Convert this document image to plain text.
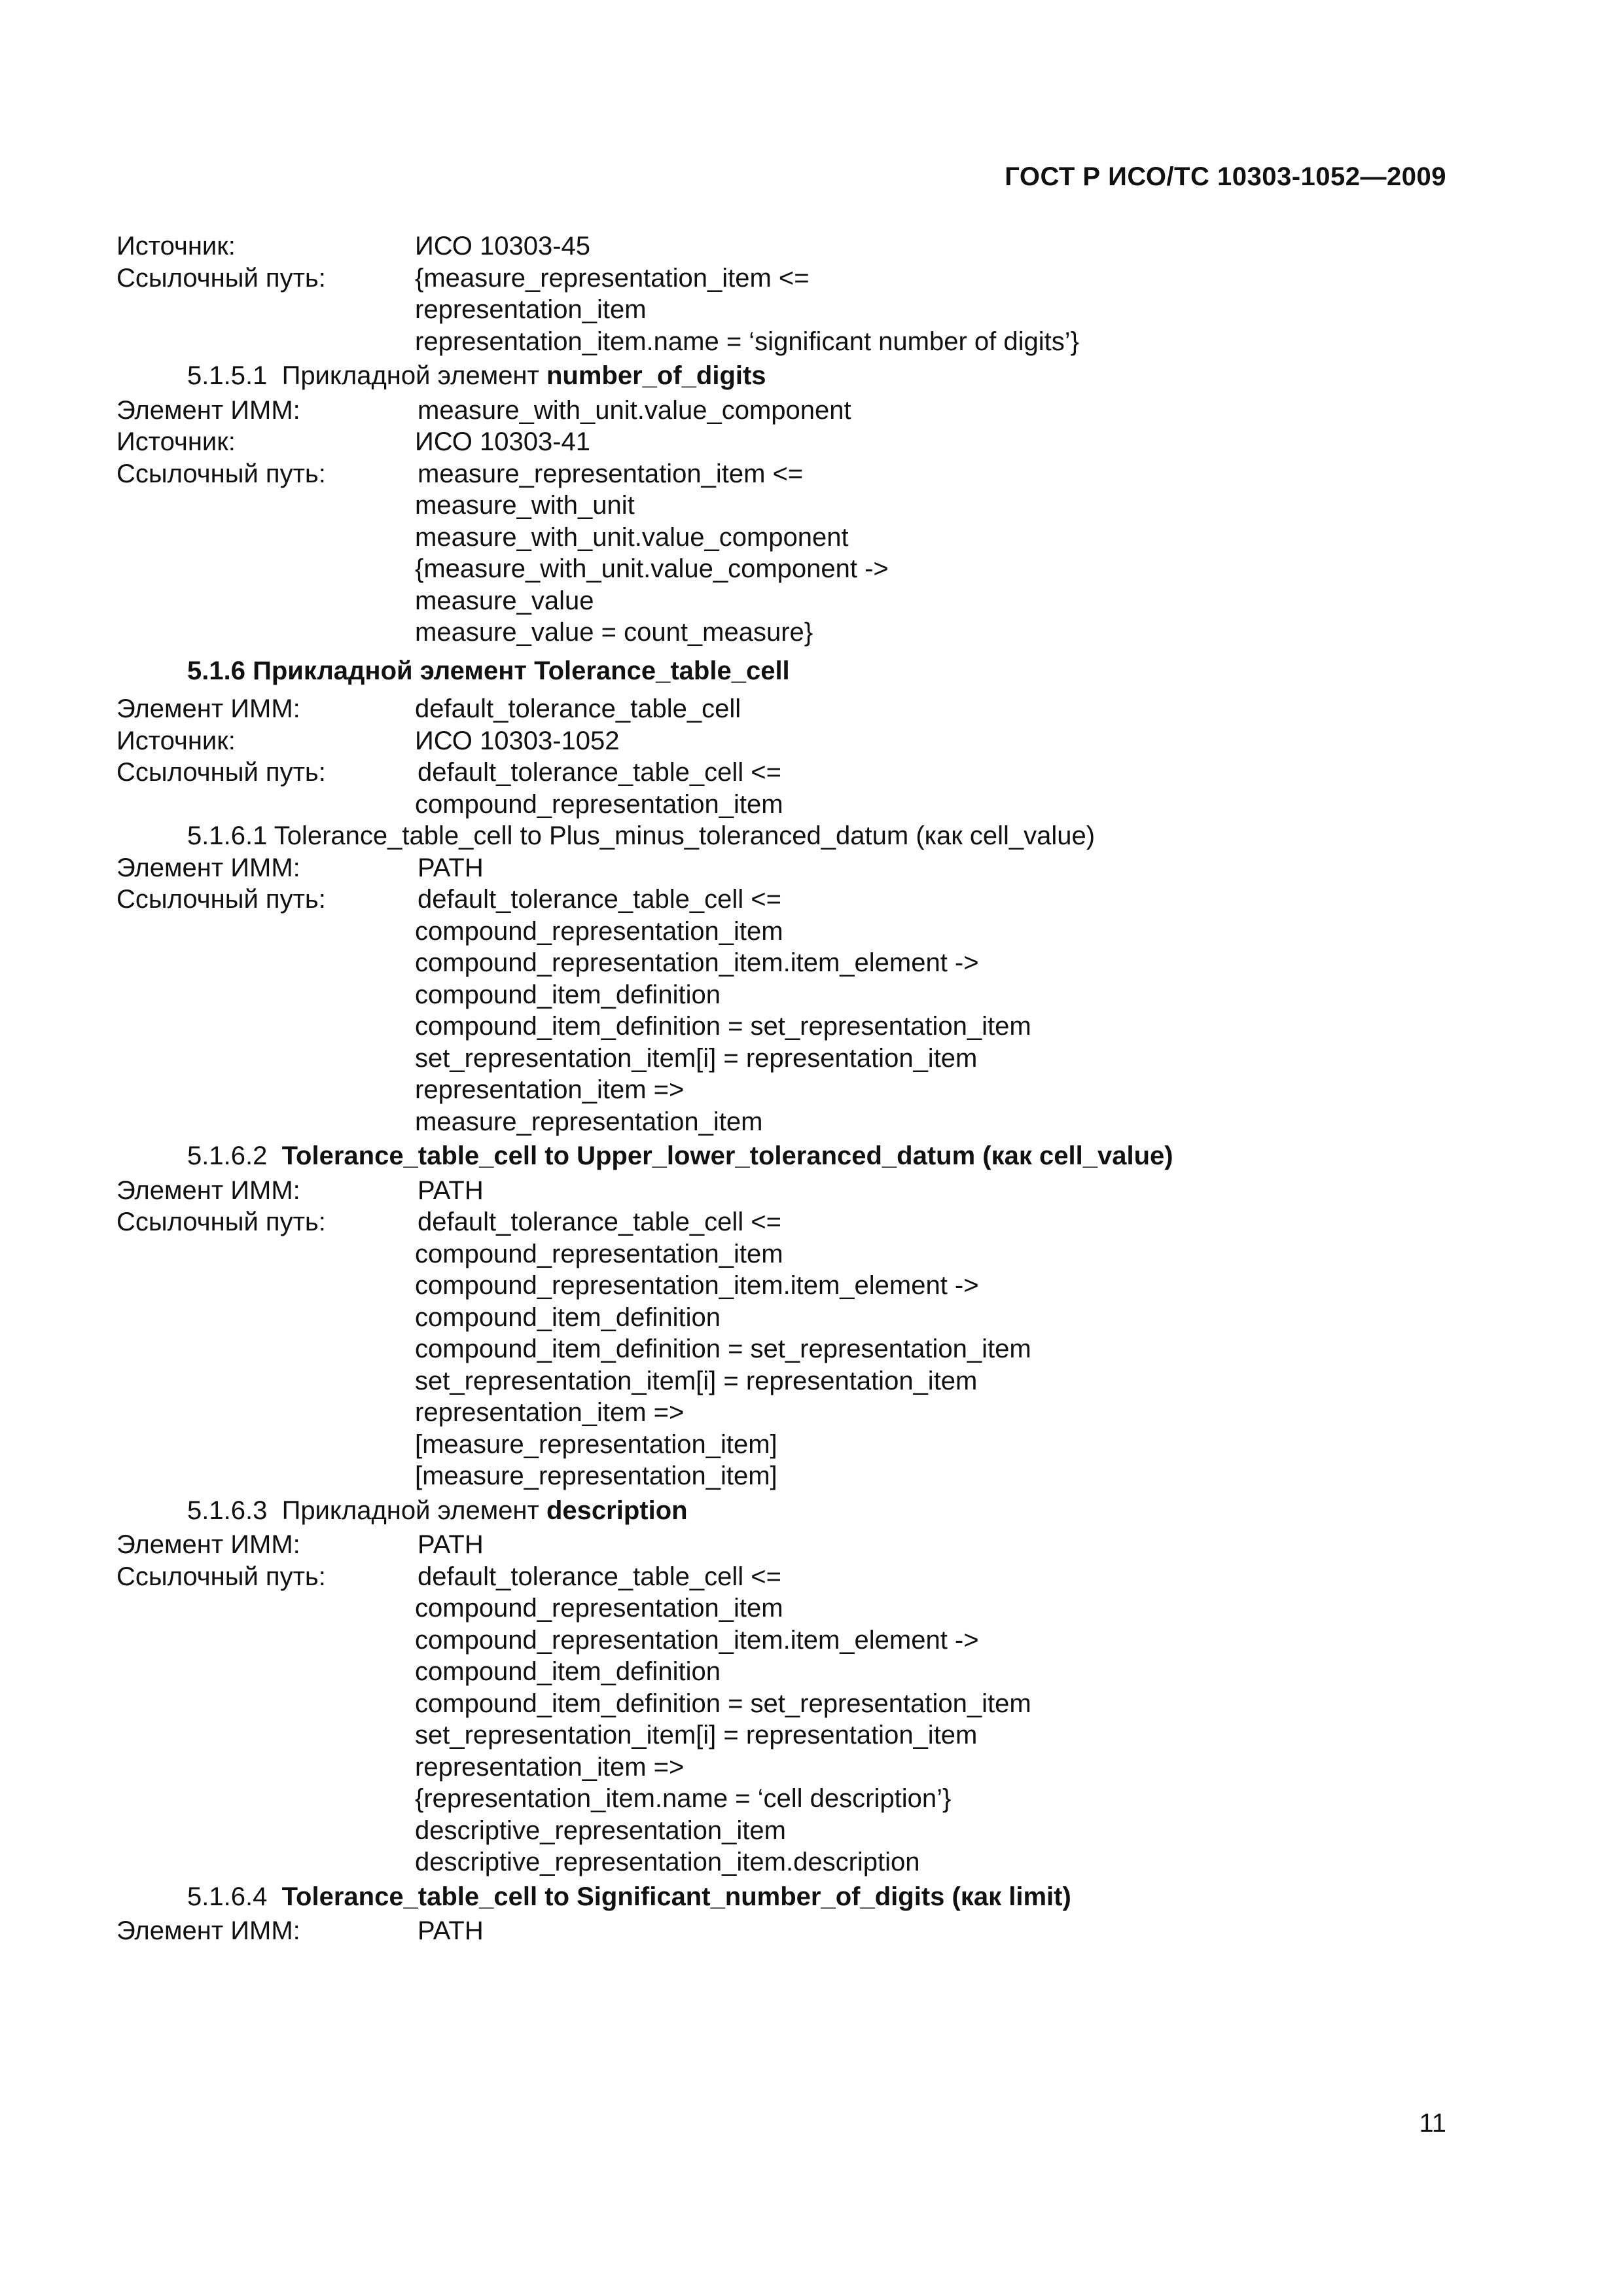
ГОСТ Р ИСО/ТС 10303-1052—2009
Источник:	ИСО 10303-45
Ссылочный путь:	{measure_representation_item <=
representation_item
representation_item.name = ‘significant number of digits’}
5.1.5.1 Прикладной элемент number_of_digits
Элемент ИММ:	measure_with_unit.value_component
Источник:	ИСО 10303-41
Ссылочный путь:	measure_representation_item <=
measure_with_unit
measure_with_unit.value_component
{measure_with_unit.value_component ->
measure_value
measure_value = count_measure}
5.1.6 Прикладной элемент Tolerance_table_cell
Элемент ИММ:	default_tolerance_table_cell
Источник:	ИСО 10303-1052
Ссылочный путь:	default_tolerance_table_cell <=
compound_representation_item
5.1.6.1 Tolerance_table_cell to Plus_minus_toleranced_datum (как cell_value)
Элемент ИММ:	PATH
Ссылочный путь:	default_tolerance_table_cell <=
compound_representation_item
compound_representation_item.item_element ->
compound_item_definition
compound_item_definition = set_representation_item
set_representation_item[i] = representation_item
representation_item =>
measure_representation_item
5.1.6.2 Tolerance_table_cell to Upper_lower_toleranced_datum (как cell_value)
Элемент ИММ:	PATH
Ссылочный путь:	default_tolerance_table_cell <=
compound_representation_item
compound_representation_item.item_element ->
compound_item_definition
compound_item_definition = set_representation_item
set_representation_item[i] = representation_item
representation_item =>
[measure_representation_item]
[measure_representation_item]
5.1.6.3 Прикладной элемент description
Элемент ИММ:	PATH
Ссылочный путь:	default_tolerance_table_cell <=
compound_representation_item
compound_representation_item.item_element ->
compound_item_definition
compound_item_definition = set_representation_item
set_representation_item[i] = representation_item
representation_item =>
{representation_item.name = ‘cell description’}
descriptive_representation_item
descriptive_representation_item.description
5.1.6.4 Tolerance_table_cell to Significant_number_of_digits (как limit)
Элемент ИММ:	PATH
11
